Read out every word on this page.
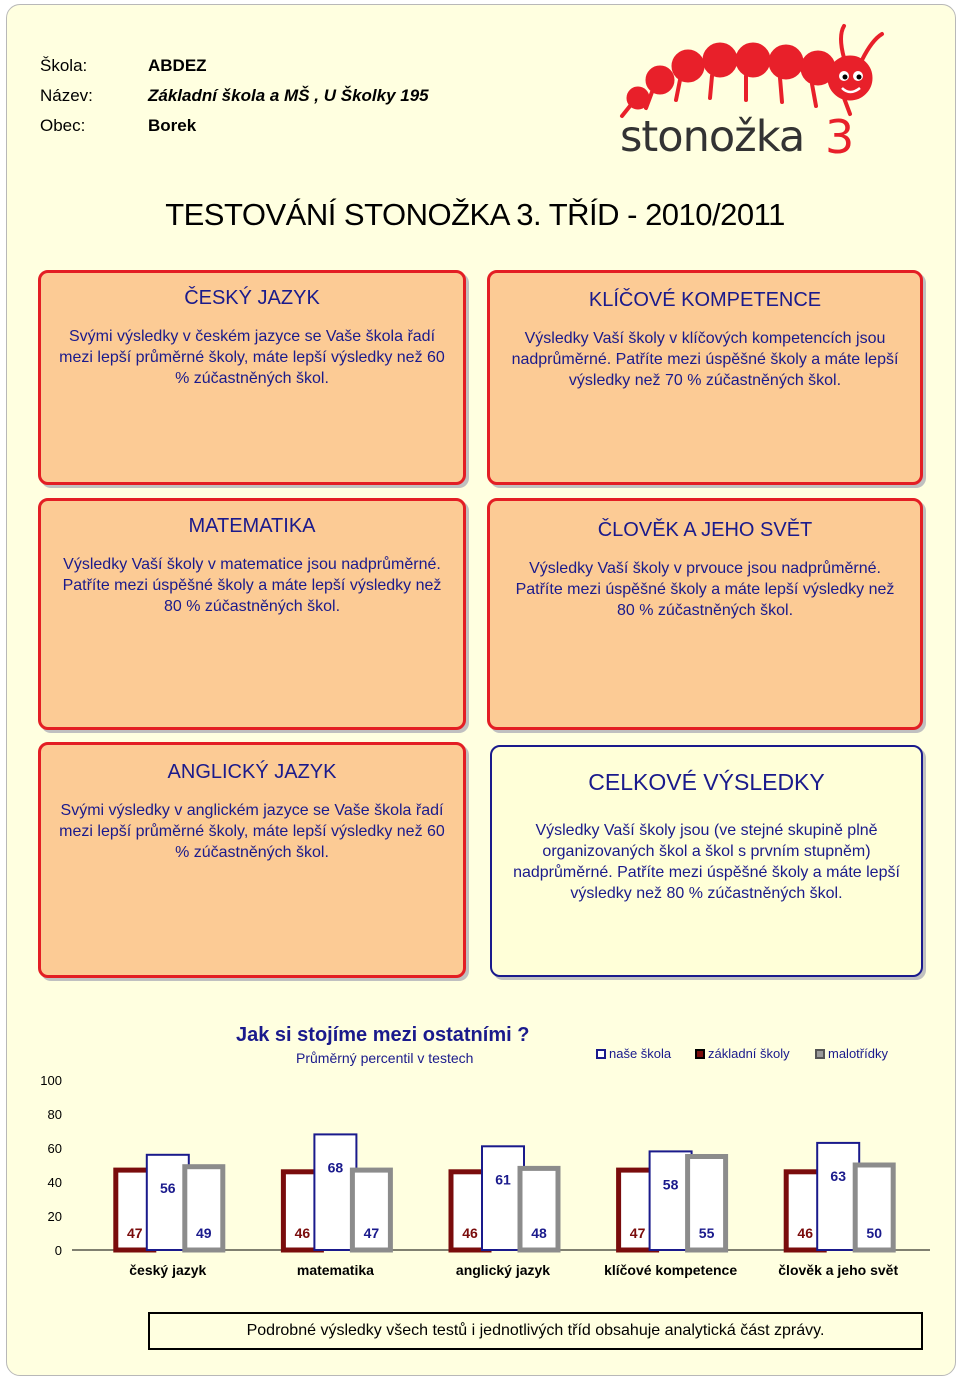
Škola:	ABDEZ
Název:	Základní škola a MŠ , U Školky 195
Obec:	Borek	stonožka 3
TESTOVÁNÍ STONOŽKA 3. TŘÍD - 2010/2011
ČESKÝ JAZYK
Svými výsledky v českém jazyce se Vaše škola řadí mezi lepší průměrné školy, máte lepší výsledky než 60 % zúčastněných škol.
KLÍČOVÉ KOMPETENCE
Výsledky Vaší školy v klíčových kompetencích jsou nadprůměrné. Patříte mezi úspěšné školy a máte lepší výsledky než 70 % zúčastněných škol.
MATEMATIKA
Výsledky Vaší školy v matematice jsou nadprůměrné. Patříte mezi úspěšné školy a máte lepší výsledky než 80 % zúčastněných škol.
ČLOVĚK A JEHO SVĚT
Výsledky Vaší školy v prvouce jsou nadprůměrné. Patříte mezi úspěšné školy a máte lepší výsledky než 80 % zúčastněných škol.
ANGLICKÝ JAZYK
Svými výsledky v anglickém jazyce se Vaše škola řadí mezi lepší průměrné školy, máte lepší výsledky než 60 % zúčastněných škol.
CELKOVÉ VÝSLEDKY
Výsledky Vaší školy jsou (ve stejné skupině plně organizovaných škol a škol s prvním stupněm) nadprůměrné. Patříte mezi úspěšné školy a máte lepší výsledky než 80 % zúčastněných škol.
Jak si stojíme mezi ostatními ?
Průměrný percentil v testech	naše škola	základní školy	malotřídky
0
20
40
60
80
100
56
47	49
český jazyk
68
46	47
matematika
61
46	48
anglický jazyk
58
47	55
klíčové kompetence
63
46	50
člověk a jeho svět
Podrobné výsledky všech testů i jednotlivých tříd obsahuje analytická část zprávy.
